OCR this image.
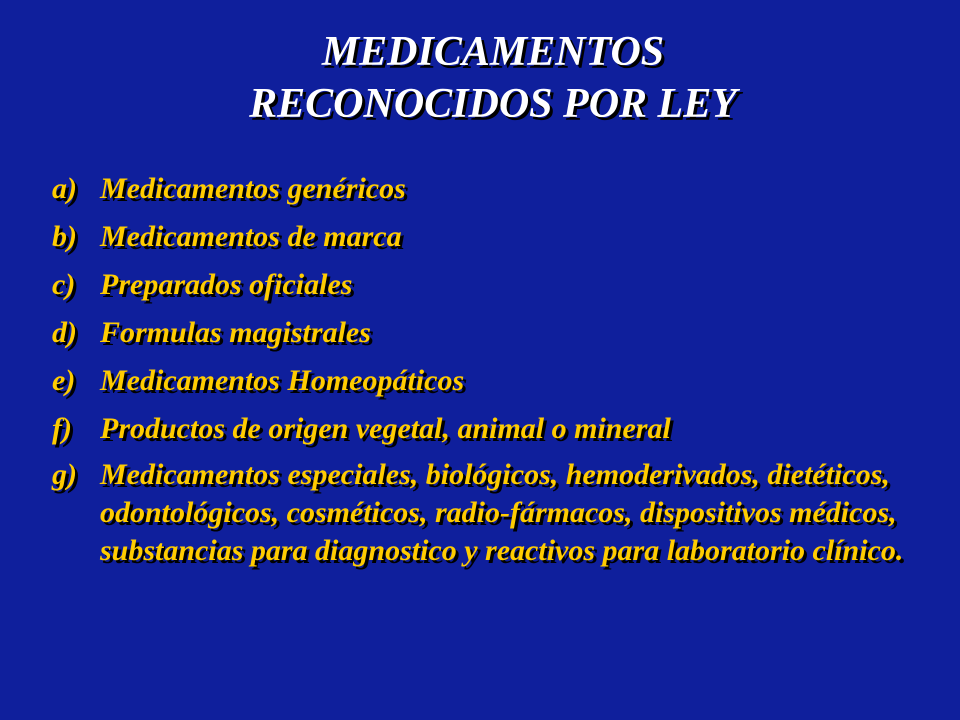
MEDICAMENTOS
RECONOCIDOS POR LEY
a) Medicamentos genéricos
b) Medicamentos de marca
c) Preparados oficiales
d) Formulas magistrales
e) Medicamentos Homeopáticos
f) Productos de origen vegetal, animal o mineral
g) Medicamentos especiales, biológicos, hemoderivados, dietéticos, odontológicos, cosméticos, radio-fármacos, dispositivos médicos, substancias para diagnostico y reactivos para laboratorio clínico.
